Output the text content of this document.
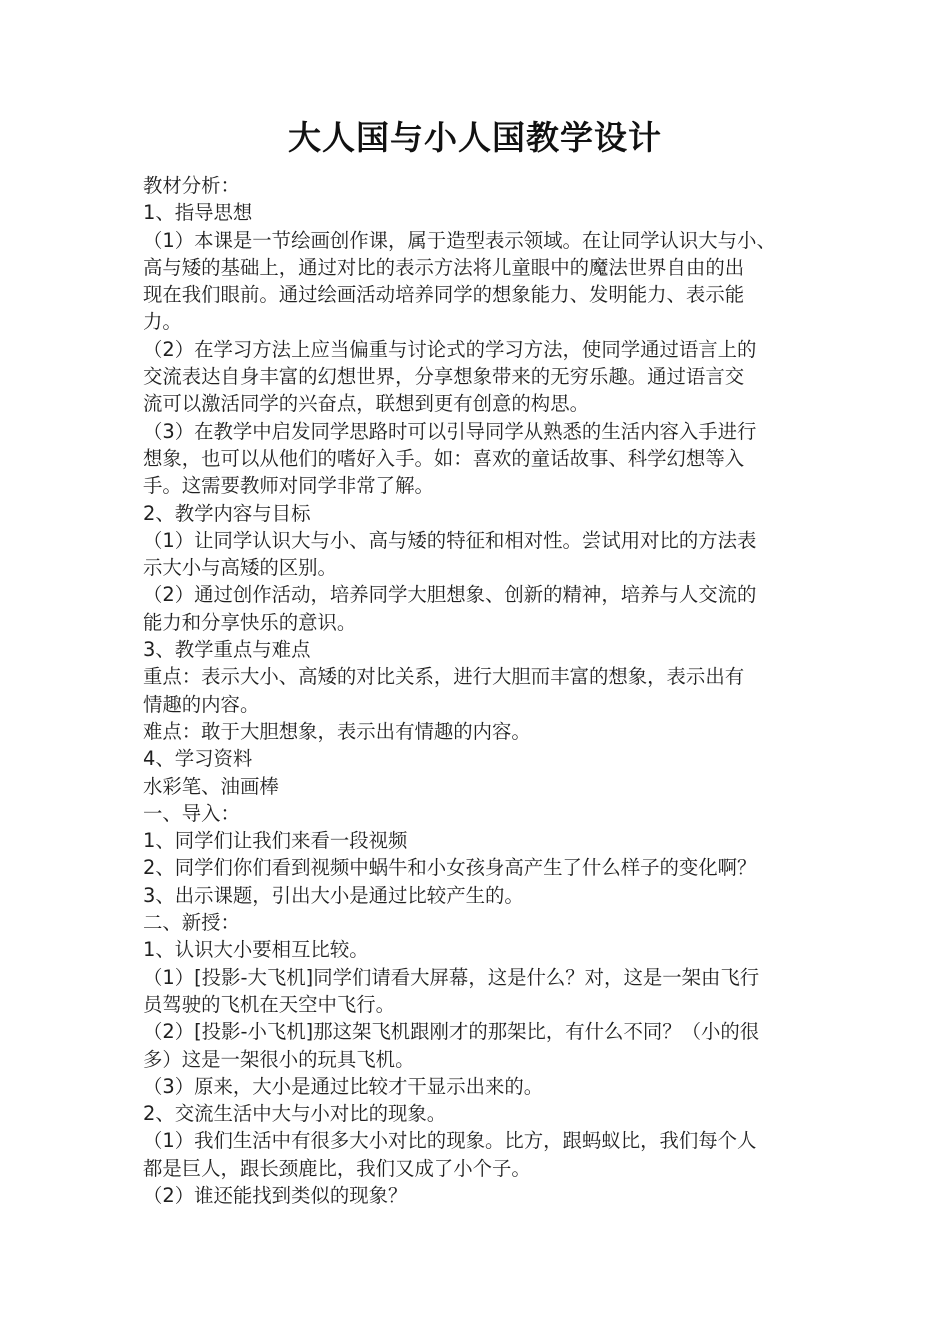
大人国与小人国教学设计

教材分析：

1、指导思想

（1）本课是一节绘画创作课，属于造型表示领域。在让同学认识大与小、

高与矮的基础上，通过对比的表示方法将儿童眼中的魔法世界自由的出

现在我们眼前。通过绘画活动培养同学的想象能力、发明能力、表示能

力。

（2）在学习方法上应当偏重与讨论式的学习方法，使同学通过语言上的

交流表达自身丰富的幻想世界，分享想象带来的无穷乐趣。通过语言交

流可以激活同学的兴奋点，联想到更有创意的构思。

（3）在教学中启发同学思路时可以引导同学从熟悉的生活内容入手进行

想象，也可以从他们的嗜好入手。如：喜欢的童话故事、科学幻想等入

手。这需要教师对同学非常了解。

2、教学内容与目标

（1）让同学认识大与小、高与矮的特征和相对性。尝试用对比的方法表

示大小与高矮的区别。

（2）通过创作活动，培养同学大胆想象、创新的精神，培养与人交流的

能力和分享快乐的意识。

3、教学重点与难点

重点：表示大小、高矮的对比关系，进行大胆而丰富的想象，表示出有

情趣的内容。

难点：敢于大胆想象，表示出有情趣的内容。

4、学习资料

水彩笔、油画棒

一、导入：

1、同学们让我们来看一段视频

2、同学们你们看到视频中蜗牛和小女孩身高产生了什么样子的变化啊？

3、出示课题，引出大小是通过比较产生的。

二、新授：

1、认识大小要相互比较。

（1）[投影-大飞机]同学们请看大屏幕，这是什么？对，这是一架由飞行

员驾驶的飞机在天空中飞行。

（2）[投影-小飞机]那这架飞机跟刚才的那架比，有什么不同？（小的很

多）这是一架很小的玩具飞机。

（3）原来，大小是通过比较才干显示出来的。

2、交流生活中大与小对比的现象。

（1）我们生活中有很多大小对比的现象。比方，跟蚂蚁比，我们每个人

都是巨人，跟长颈鹿比，我们又成了小个子。

（2）谁还能找到类似的现象？
